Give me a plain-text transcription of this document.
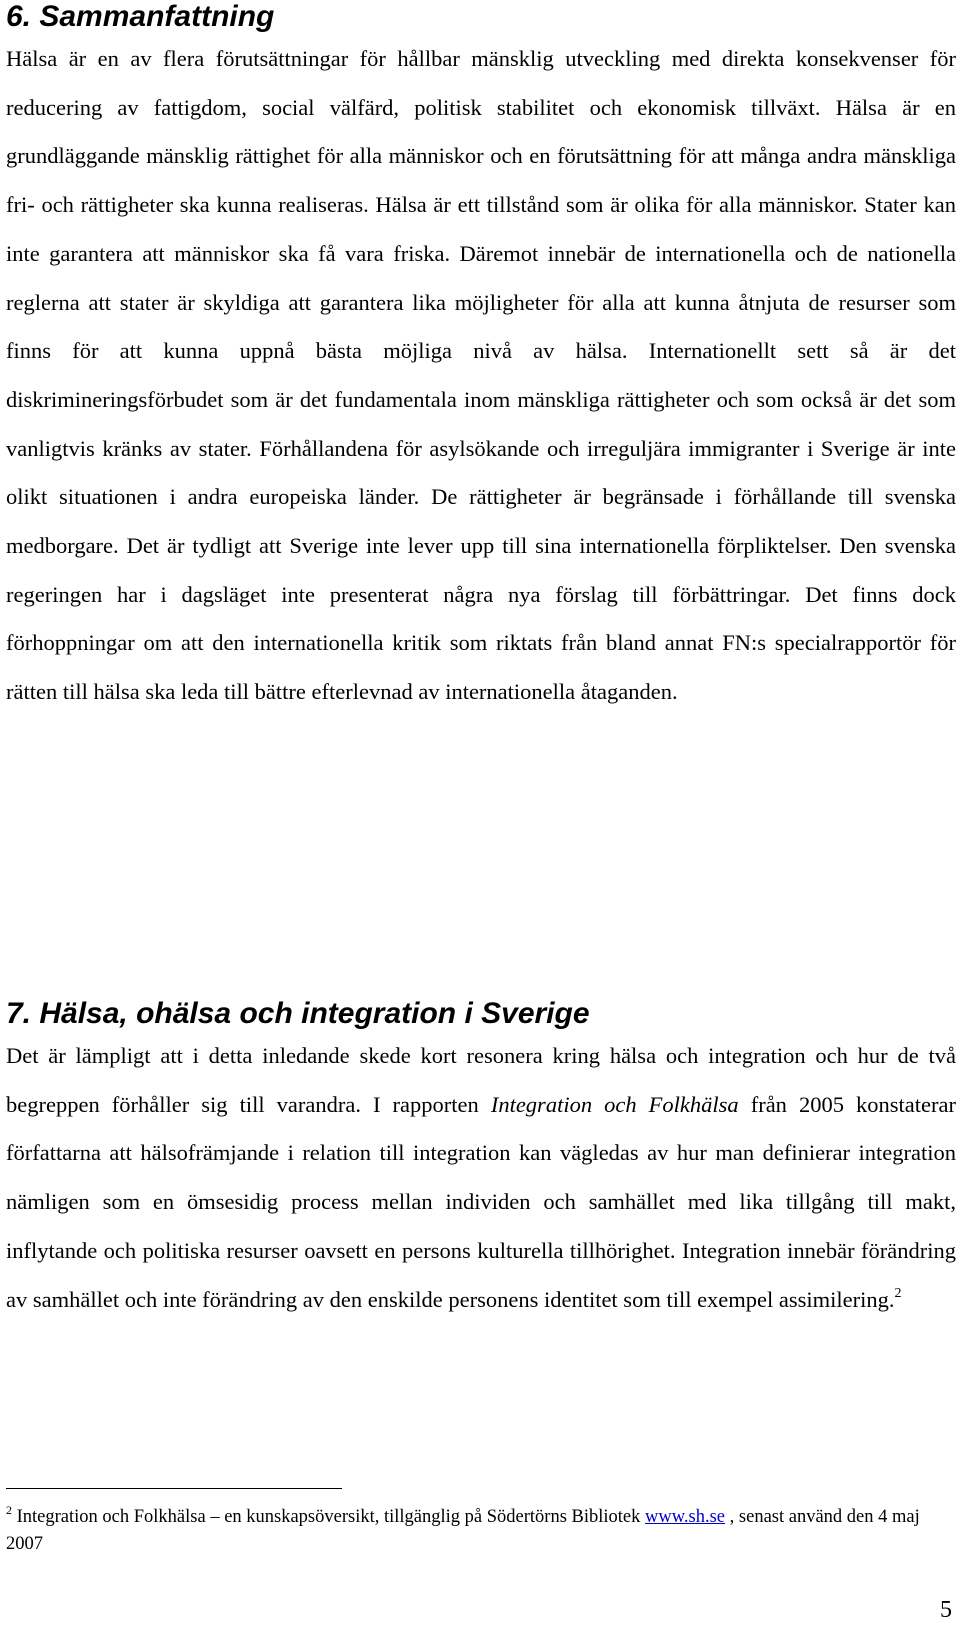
6. Sammanfattning

Hälsa är en av flera förutsättningar för hållbar mänsklig utveckling med direkta konsekvenser för reducering av fattigdom, social välfärd, politisk stabilitet och ekonomisk tillväxt. Hälsa är en grundläggande mänsklig rättighet för alla människor och en förutsättning för att många andra mänskliga fri- och rättigheter ska kunna realiseras. Hälsa är ett tillstånd som är olika för alla människor. Stater kan inte garantera att människor ska få vara friska. Däremot innebär de internationella och de nationella reglerna att stater är skyldiga att garantera lika möjligheter för alla att kunna åtnjuta de resurser som finns för att kunna uppnå bästa möjliga nivå av hälsa. Internationellt sett så är det diskrimineringsförbudet som är det fundamentala inom mänskliga rättigheter och som också är det som vanligtvis kränks av stater. Förhållandena för asylsökande och irreguljära immigranter i Sverige är inte olikt situationen i andra europeiska länder. De rättigheter är begränsade i förhållande till svenska medborgare. Det är tydligt att Sverige inte lever upp till sina internationella förpliktelser. Den svenska regeringen har i dagsläget inte presenterat några nya förslag till förbättringar. Det finns dock förhoppningar om att den internationella kritik som riktats från bland annat FN:s specialrapportör för rätten till hälsa ska leda till bättre efterlevnad av internationella åtaganden.

7. Hälsa, ohälsa och integration i Sverige

Det är lämpligt att i detta inledande skede kort resonera kring hälsa och integration och hur de två begreppen förhåller sig till varandra. I rapporten Integration och Folkhälsa från 2005 konstaterar författarna att hälsofrämjande i relation till integration kan vägledas av hur man definierar integration nämligen som en ömsesidig process mellan individen och samhället med lika tillgång till makt, inflytande och politiska resurser oavsett en persons kulturella tillhörighet. Integration innebär förändring av samhället och inte förändring av den enskilde personens identitet som till exempel assimilering.$^2$

$^2$ Integration och Folkhälsa – en kunskapsöversikt, tillgänglig på Södertörns Bibliotek www.sh.se , senast använd den 4 maj 2007

5
